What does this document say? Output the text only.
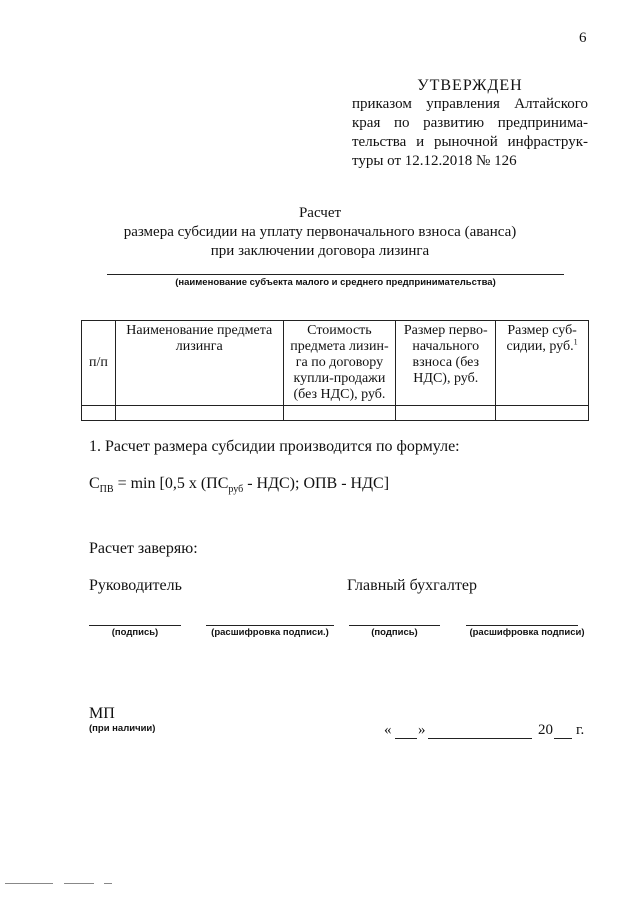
6
УТВЕРЖДЕН
приказом управления Алтайского
края по развитию предпринима-
тельства и рыночной инфраструк-
туры от 12.12.2018 № 126
Расчет
размера субсидии на уплату первоначального взноса (аванса)
при заключении договора лизинга
(наименование субъекта малого и среднего предпринимательства)
п/п	Наименование предмета лизинга	Стоимость предмета лизин-га по договору купли-продажи (без НДС), руб.	Размер перво-начального взноса (без НДС), руб.	Размер суб-сидии, руб.$^1$

1. Расчет размера субсидии производится по формуле:
$C_{ПВ} = \min [0,5$ х $(ПС_{руб} - НДС)$; ОПВ - НДС]
Расчет заверяю:
Руководитель	Главный бухгалтер
(подпись)	(расшифровка подписи.)	(подпись)	(расшифровка подписи)
МП
(при наличии)	« »	20 г.
